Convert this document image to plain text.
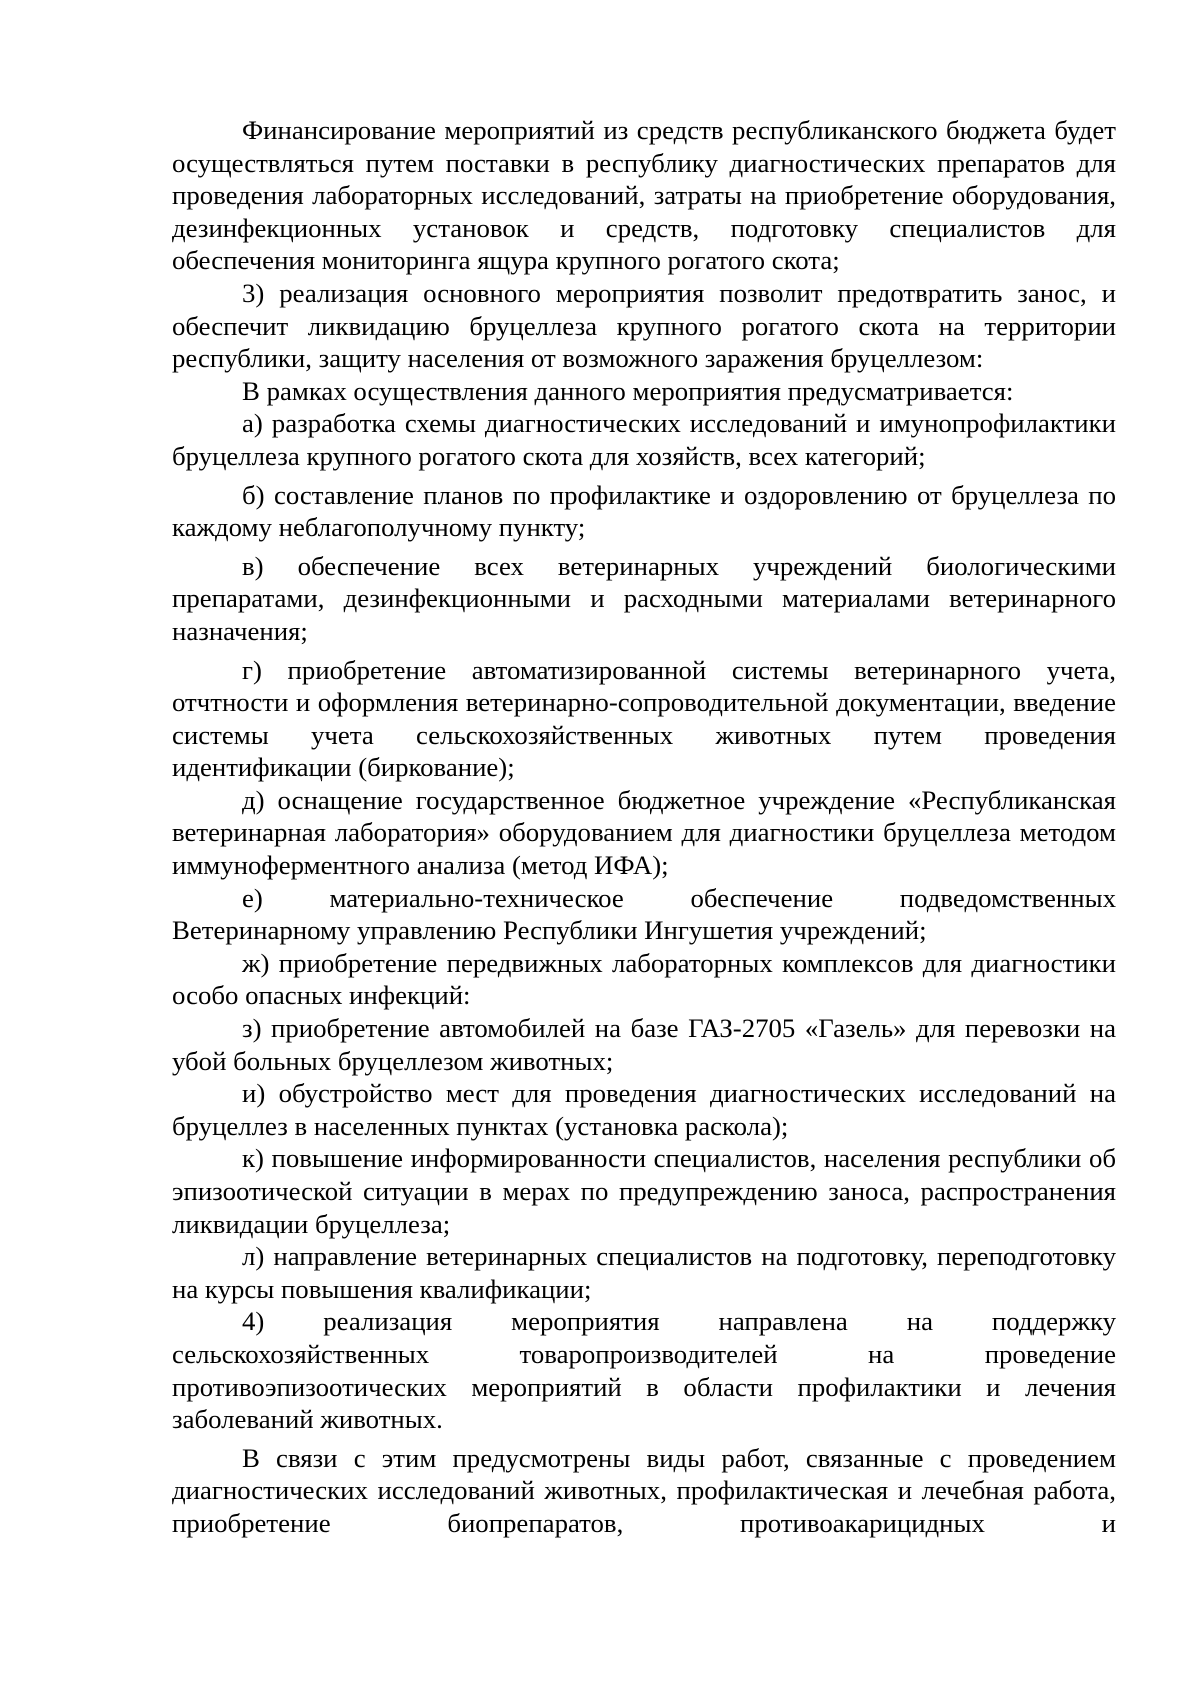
Финансирование мероприятий из средств республиканского бюджета будет осуществляться путем поставки в республику диагностических препаратов для проведения лабораторных исследований, затраты на приобретение оборудования, дезинфекционных установок и средств, подготовку специалистов для обеспечения мониторинга ящура крупного рогатого скота;

3) реализация основного мероприятия позволит предотвратить занос, и обеспечит ликвидацию бруцеллеза крупного рогатого скота на территории республики, защиту населения от возможного заражения бруцеллезом:

В рамках осуществления данного мероприятия предусматривается:

а) разработка схемы диагностических исследований и имунопрофилактики бруцеллеза крупного рогатого скота для хозяйств, всех категорий;

б) составление планов по профилактике и оздоровлению от бруцеллеза по каждому неблагополучному пункту;

в) обеспечение всех ветеринарных учреждений биологическими препаратами, дезинфекционными и расходными материалами ветеринарного назначения;

г) приобретение автоматизированной системы ветеринарного учета, отчтности и оформления ветеринарно-сопроводительной документации, введение системы учета сельскохозяйственных животных путем проведения идентификации (биркование);

д) оснащение государственное бюджетное учреждение «Республиканская ветеринарная лаборатория» оборудованием для диагностики бруцеллеза методом иммуноферментного анализа (метод ИФА);

е) материально-техническое обеспечение подведомственных Ветеринарному управлению Республики Ингушетия учреждений;

ж) приобретение передвижных лабораторных комплексов для диагностики особо опасных инфекций:

з) приобретение автомобилей на базе ГАЗ-2705 «Газель» для перевозки на убой больных бруцеллезом животных;

и) обустройство мест для проведения диагностических исследований на бруцеллез в населенных пунктах (установка раскола);

к) повышение информированности специалистов, населения республики об эпизоотической ситуации в мерах по предупреждению заноса, распространения ликвидации бруцеллеза;

л) направление ветеринарных специалистов на подготовку, переподготовку на курсы повышения квалификации;

4) реализация мероприятия направлена на поддержку сельскохозяйственных товаропроизводителей на проведение противоэпизоотических мероприятий в области профилактики и лечения заболеваний животных.

В связи с этим предусмотрены виды работ, связанные с проведением диагностических исследований животных, профилактическая и лечебная работа, приобретение биопрепаратов, противоакарицидных и
